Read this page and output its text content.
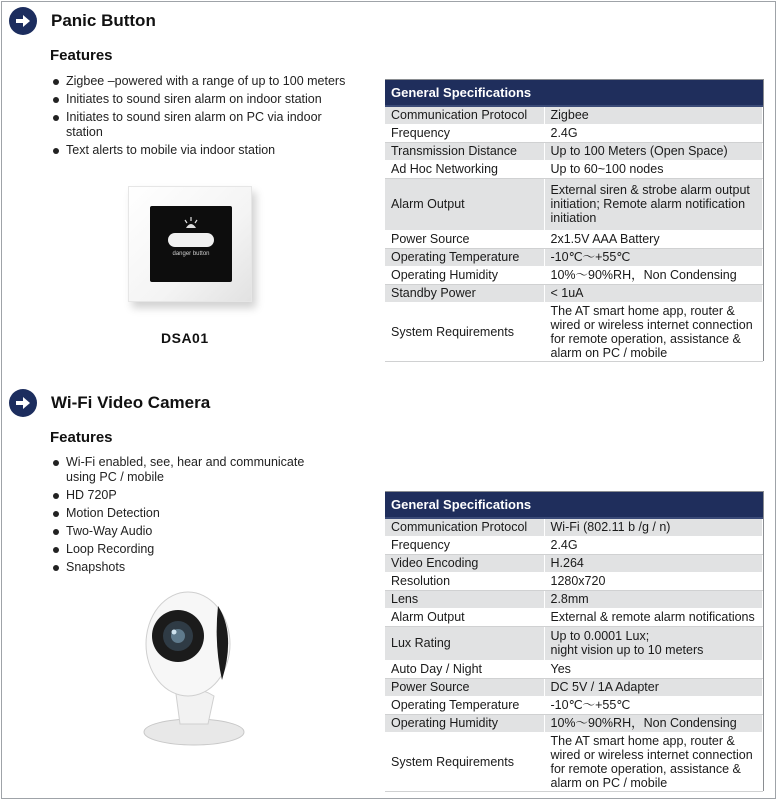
Panic Button
Features
Zigbee –powered with a range of up to 100 meters
Initiates to sound siren alarm on indoor station
Initiates to sound siren alarm on PC via indoor station
Text alerts to mobile via indoor station
danger button
DSA01
General Specifications	
Communication Protocol	Zigbee
Frequency	2.4G
Transmission Distance	Up to 100 Meters (Open Space)
Ad Hoc Networking	Up to 60~100 nodes
Alarm Output	External siren & strobe alarm output initiation; Remote alarm notification initiation
Power Source	2x1.5V AAA Battery
Operating Temperature	-10℃～+55℃
Operating Humidity	10%～90%RH，Non Condensing
Standby Power	< 1uA
System Requirements	The AT smart home app, router & wired or wireless internet connection for remote operation, assistance & alarm on PC / mobile
Wi-Fi Video Camera
Features
Wi-Fi enabled, see, hear and communicate using PC / mobile
HD 720P
Motion Detection
Two-Way Audio
Loop Recording
Snapshots
General Specifications	
Communication Protocol	Wi-Fi (802.11 b /g / n)
Frequency	2.4G
Video Encoding	H.264
Resolution	1280x720
Lens	2.8mm
Alarm Output	External & remote alarm notifications
Lux Rating	Up to 0.0001 Lux;
night vision up to 10 meters
Auto Day / Night	Yes
Power Source	DC 5V / 1A Adapter
Operating Temperature	-10℃～+55℃
Operating Humidity	10%～90%RH，Non Condensing
System Requirements	The AT smart home app, router & wired or wireless internet connection for remote operation, assistance & alarm on PC / mobile
